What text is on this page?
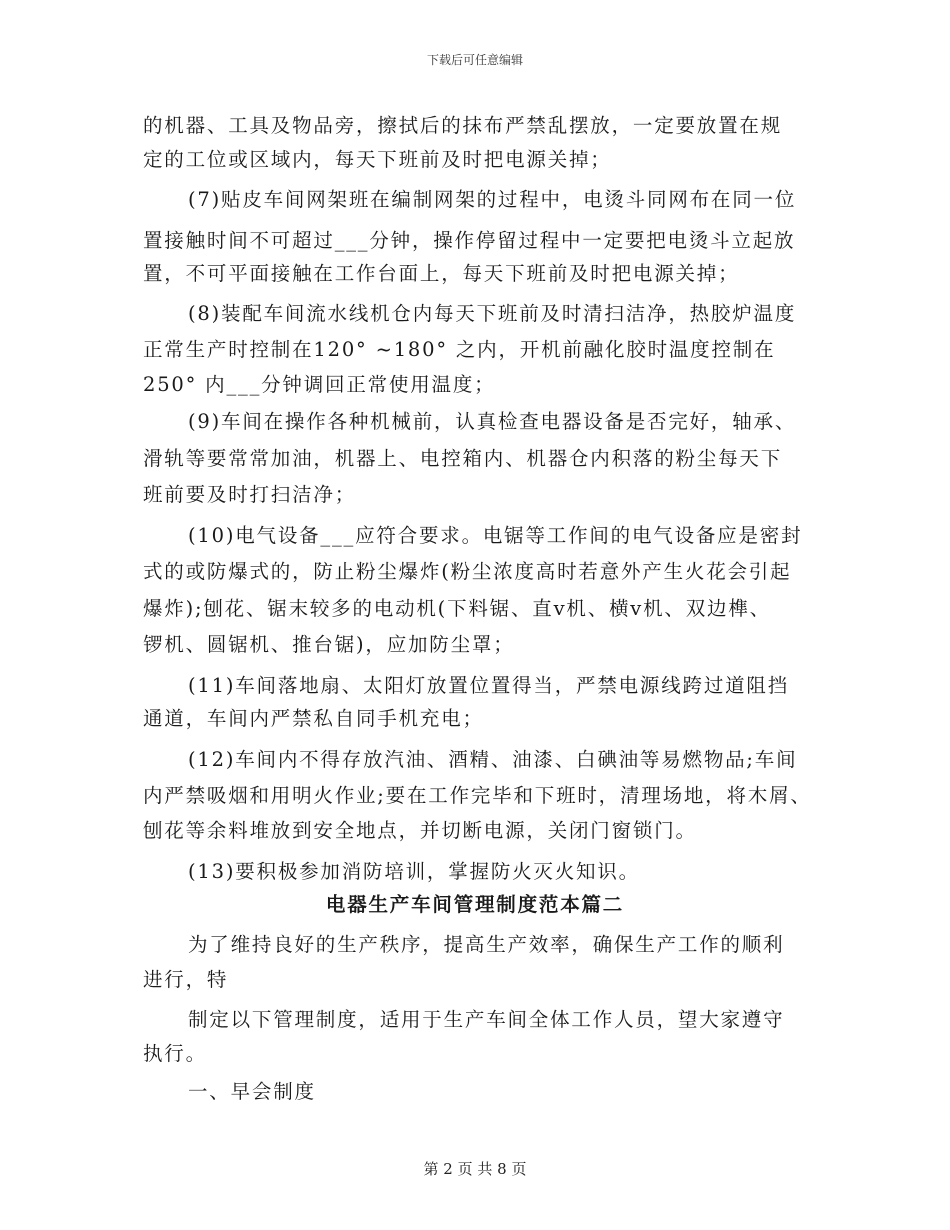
下载后可任意编辑
的机器、工具及物品旁，擦拭后的抹布严禁乱摆放，一定要放置在规
定的工位或区域内，每天下班前及时把电源关掉；
(7)贴皮车间网架班在编制网架的过程中，电烫斗同网布在同一位
置接触时间不可超过___分钟，操作停留过程中一定要把电烫斗立起放
置，不可平面接触在工作台面上，每天下班前及时把电源关掉；
(8)装配车间流水线机仓内每天下班前及时清扫洁净，热胶炉温度
正常生产时控制在120° ~180° 之内，开机前融化胶时温度控制在
250° 内___分钟调回正常使用温度；
(9)车间在操作各种机械前，认真检查电器设备是否完好，轴承、
滑轨等要常常加油，机器上、电控箱内、机器仓内积落的粉尘每天下
班前要及时打扫洁净；
(10)电气设备___应符合要求。电锯等工作间的电气设备应是密封
式的或防爆式的，防止粉尘爆炸(粉尘浓度高时若意外产生火花会引起
爆炸);刨花、锯末较多的电动机(下料锯、直v机、横v机、双边榫、
锣机、圆锯机、推台锯)，应加防尘罩；
(11)车间落地扇、太阳灯放置位置得当，严禁电源线跨过道阻挡
通道，车间内严禁私自同手机充电；
(12)车间内不得存放汽油、酒精、油漆、白碘油等易燃物品;车间
内严禁吸烟和用明火作业;要在工作完毕和下班时，清理场地，将木屑、
刨花等余料堆放到安全地点，并切断电源，关闭门窗锁门。
(13)要积极参加消防培训，掌握防火灭火知识。
电器生产车间管理制度范本篇二
为了维持良好的生产秩序，提高生产效率，确保生产工作的顺利
进行，特
制定以下管理制度，适用于生产车间全体工作人员，望大家遵守
执行。
一、早会制度
第 2 页 共 8 页
